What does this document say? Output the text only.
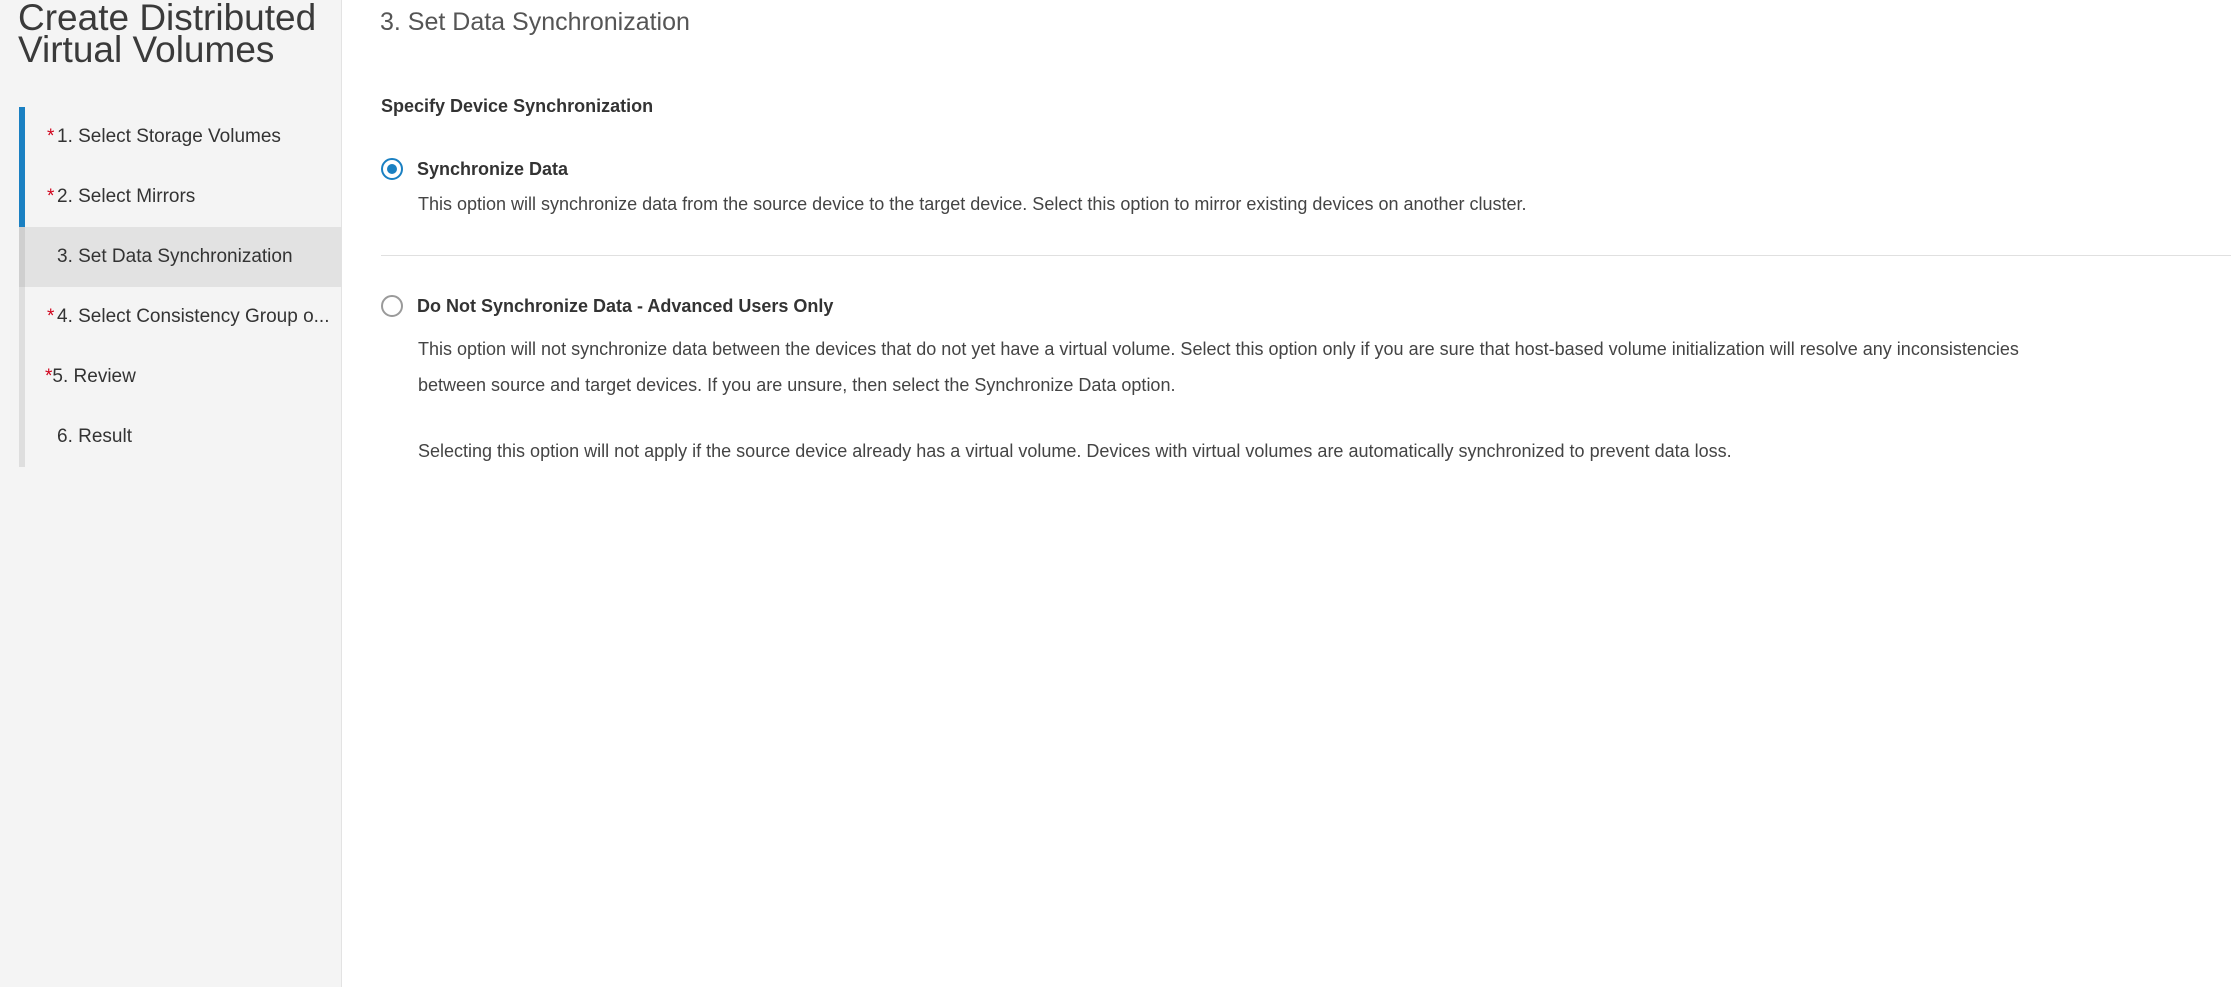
Create Distributed
Virtual Volumes
* 1. Select Storage Volumes
* 2. Select Mirrors
3. Set Data Synchronization
* 4. Select Consistency Group o...
* 5. Review
6. Result
3. Set Data Synchronization
Specify Device Synchronization
Synchronize Data

This option will synchronize data from the source device to the target device. Select this option to mirror existing devices on another cluster.

Do Not Synchronize Data - Advanced Users Only

This option will not synchronize data between the devices that do not yet have a virtual volume. Select this option only if you are sure that host-based volume initialization will resolve any inconsistencies between source and target devices. If you are unsure, then select the Synchronize Data option.

Selecting this option will not apply if the source device already has a virtual volume. Devices with virtual volumes are automatically synchronized to prevent data loss.
